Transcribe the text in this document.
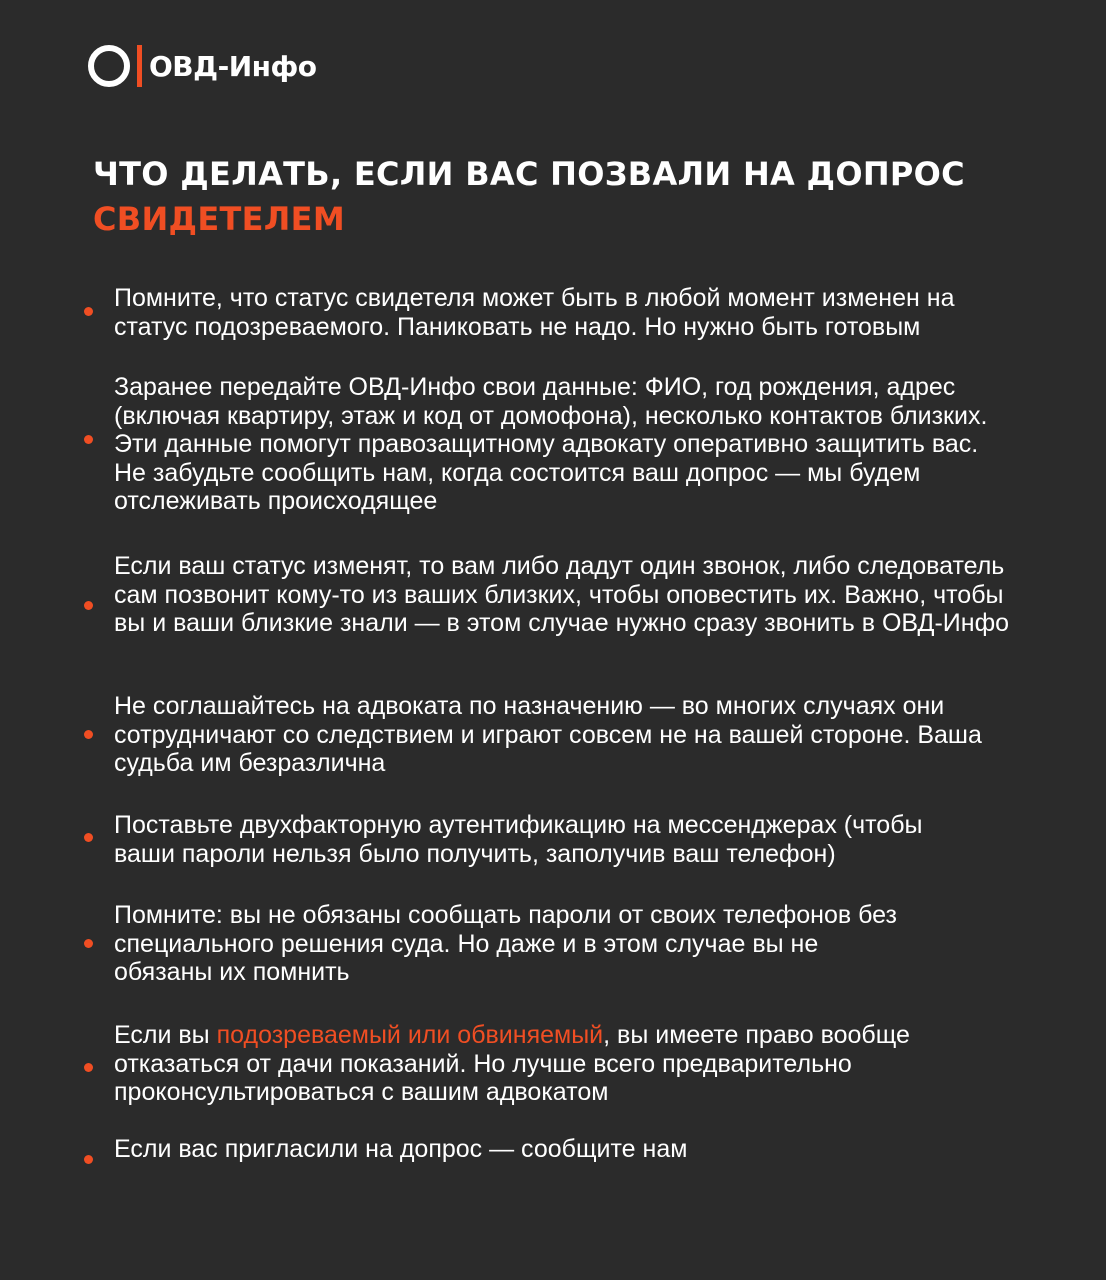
ОВД-Инфо
ЧТО ДЕЛАТЬ, ЕСЛИ ВАС ПОЗВАЛИ НА ДОПРОС
СВИДЕТЕЛЕМ
Помните, что статус свидетеля может быть в любой момент изменен на статус подозреваемого. Паниковать не надо. Но нужно быть готовым
Заранее передайте ОВД-Инфо свои данные: ФИО, год рождения, адрес (включая квартиру, этаж и код от домофона), несколько контактов близких. Эти данные помогут правозащитному адвокату оперативно защитить вас. Не забудьте сообщить нам, когда состоится ваш допрос — мы будем отслеживать происходящее
Если ваш статус изменят, то вам либо дадут один звонок, либо следователь сам позвонит кому-то из ваших близких, чтобы оповестить их. Важно, чтобы вы и ваши близкие знали — в этом случае нужно сразу звонить в ОВД-Инфо
Не соглашайтесь на адвоката по назначению — во многих случаях они сотрудничают со следствием и играют совсем не на вашей стороне. Ваша судьба им безразлична
Поставьте двухфакторную аутентификацию на мессенджерах (чтобы ваши пароли нельзя было получить, заполучив ваш телефон)
Помните: вы не обязаны сообщать пароли от своих телефонов без специального решения суда. Но даже и в этом случае вы не обязаны их помнить
Если вы подозреваемый или обвиняемый, вы имеете право вообще отказаться от дачи показаний. Но лучше всего предварительно проконсультироваться с вашим адвокатом
Если вас пригласили на допрос — сообщите нам
